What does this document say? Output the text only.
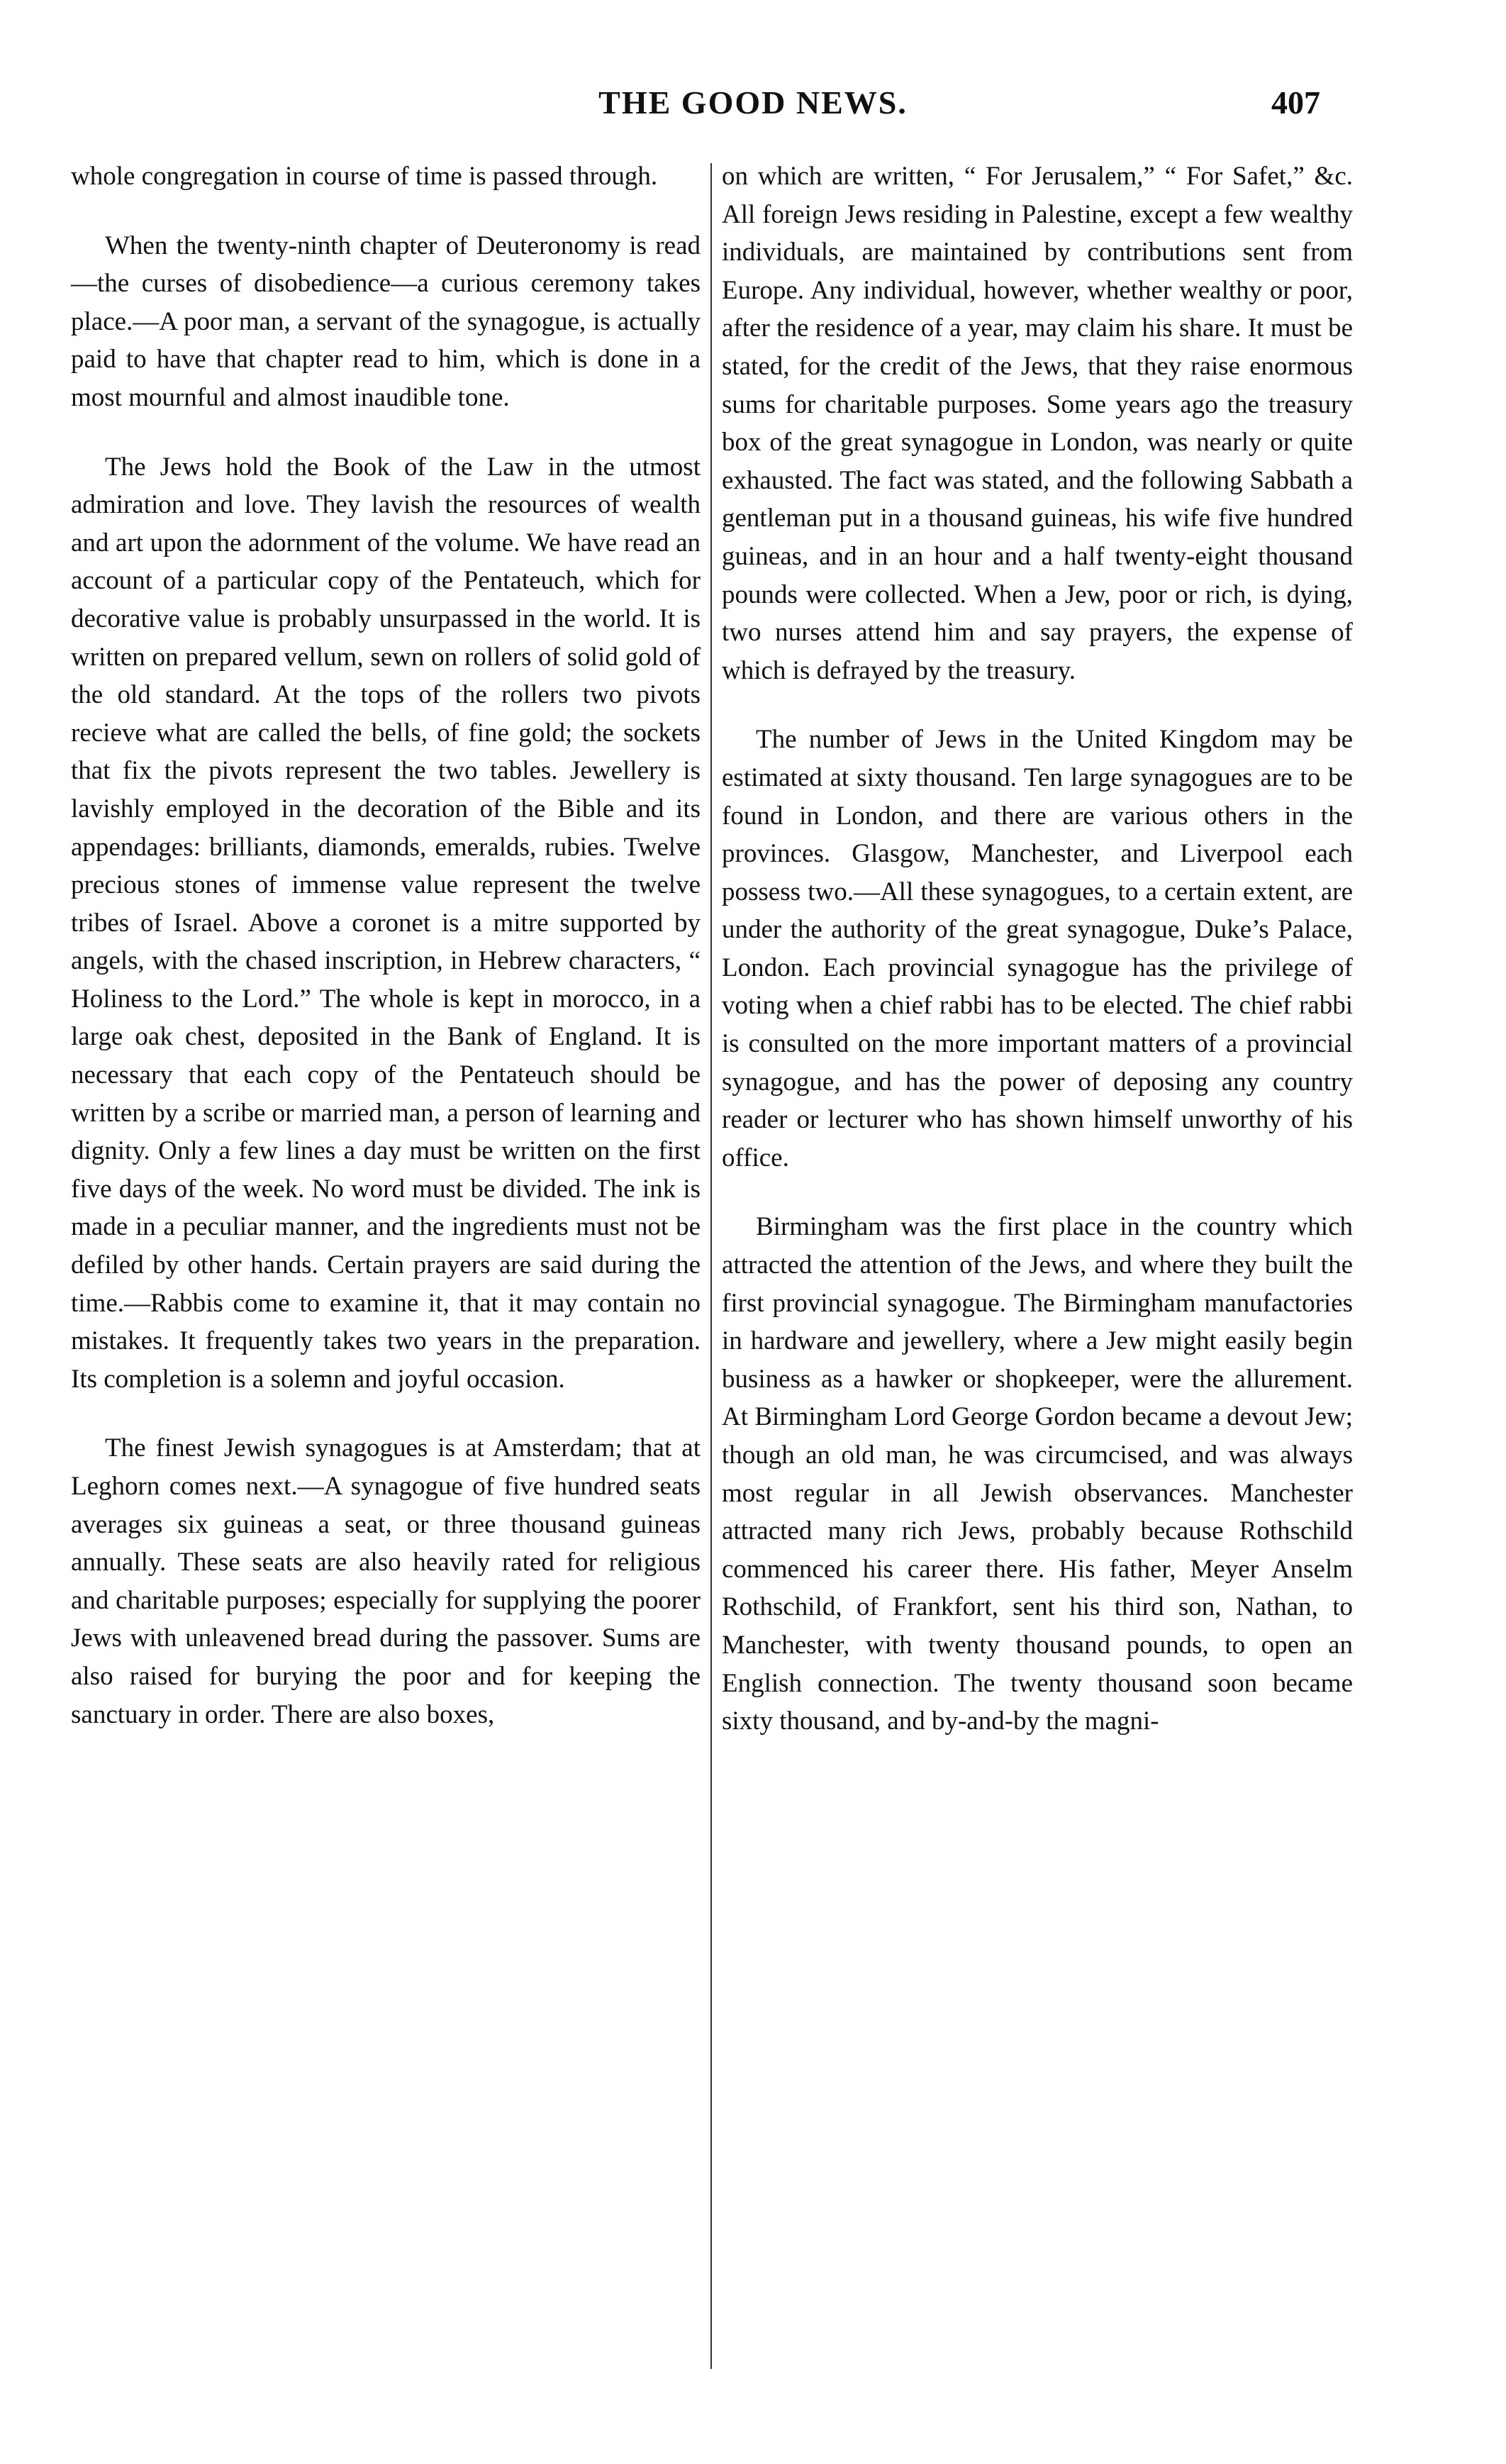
THE GOOD NEWS.	407

whole congregation in course of time is passed through.

When the twenty-ninth chapter of Deuteronomy is read—the curses of disobedience—a curious ceremony takes place.—A poor man, a servant of the synagogue, is actually paid to have that chapter read to him, which is done in a most mournful and almost inaudible tone.

The Jews hold the Book of the Law in the utmost admiration and love. They lavish the resources of wealth and art upon the adornment of the volume. We have read an account of a particular copy of the Pentateuch, which for decorative value is probably unsurpassed in the world. It is written on prepared vellum, sewn on rollers of solid gold of the old standard. At the tops of the rollers two pivots recieve what are called the bells, of fine gold; the sockets that fix the pivots represent the two tables. Jewellery is lavishly employed in the decoration of the Bible and its appendages: brilliants, diamonds, emeralds, rubies. Twelve precious stones of immense value represent the twelve tribes of Israel. Above a coronet is a mitre supported by angels, with the chased inscription, in Hebrew characters, “ Holiness to the Lord.” The whole is kept in morocco, in a large oak chest, deposited in the Bank of England. It is necessary that each copy of the Pentateuch should be written by a scribe or married man, a person of learning and dignity. Only a few lines a day must be written on the first five days of the week. No word must be divided. The ink is made in a peculiar manner, and the ingredients must not be defiled by other hands. Certain prayers are said during the time.—Rabbis come to examine it, that it may contain no mistakes. It frequently takes two years in the preparation. Its completion is a solemn and joyful occasion.

The finest Jewish synagogues is at Amsterdam; that at Leghorn comes next.—A synagogue of five hundred seats averages six guineas a seat, or three thousand guineas annually. These seats are also heavily rated for religious and charitable purposes; especially for supplying the poorer Jews with unleavened bread during the passover. Sums are also raised for burying the poor and for keeping the sanctuary in order. There are also boxes,

on which are written, “ For Jerusalem,” “ For Safet,” &c. All foreign Jews residing in Palestine, except a few wealthy individuals, are maintained by contributions sent from Europe. Any individual, however, whether wealthy or poor, after the residence of a year, may claim his share. It must be stated, for the credit of the Jews, that they raise enormous sums for charitable purposes. Some years ago the treasury box of the great synagogue in London, was nearly or quite exhausted. The fact was stated, and the following Sabbath a gentleman put in a thousand guineas, his wife five hundred guineas, and in an hour and a half twenty-eight thousand pounds were collected. When a Jew, poor or rich, is dying, two nurses attend him and say prayers, the expense of which is defrayed by the treasury.

The number of Jews in the United Kingdom may be estimated at sixty thousand. Ten large synagogues are to be found in London, and there are various others in the provinces. Glasgow, Manchester, and Liverpool each possess two.—All these synagogues, to a certain extent, are under the authority of the great synagogue, Duke’s Palace, London. Each provincial synagogue has the privilege of voting when a chief rabbi has to be elected. The chief rabbi is consulted on the more important matters of a provincial synagogue, and has the power of deposing any country reader or lecturer who has shown himself unworthy of his office.

Birmingham was the first place in the country which attracted the attention of the Jews, and where they built the first provincial synagogue. The Birmingham manufactories in hardware and jewellery, where a Jew might easily begin business as a hawker or shopkeeper, were the allurement. At Birmingham Lord George Gordon became a devout Jew; though an old man, he was circumcised, and was always most regular in all Jewish observances. Manchester attracted many rich Jews, probably because Rothschild commenced his career there. His father, Meyer Anselm Rothschild, of Frankfort, sent his third son, Nathan, to Manchester, with twenty thousand pounds, to open an English connection. The twenty thousand soon became sixty thousand, and by-and-by the magni-
